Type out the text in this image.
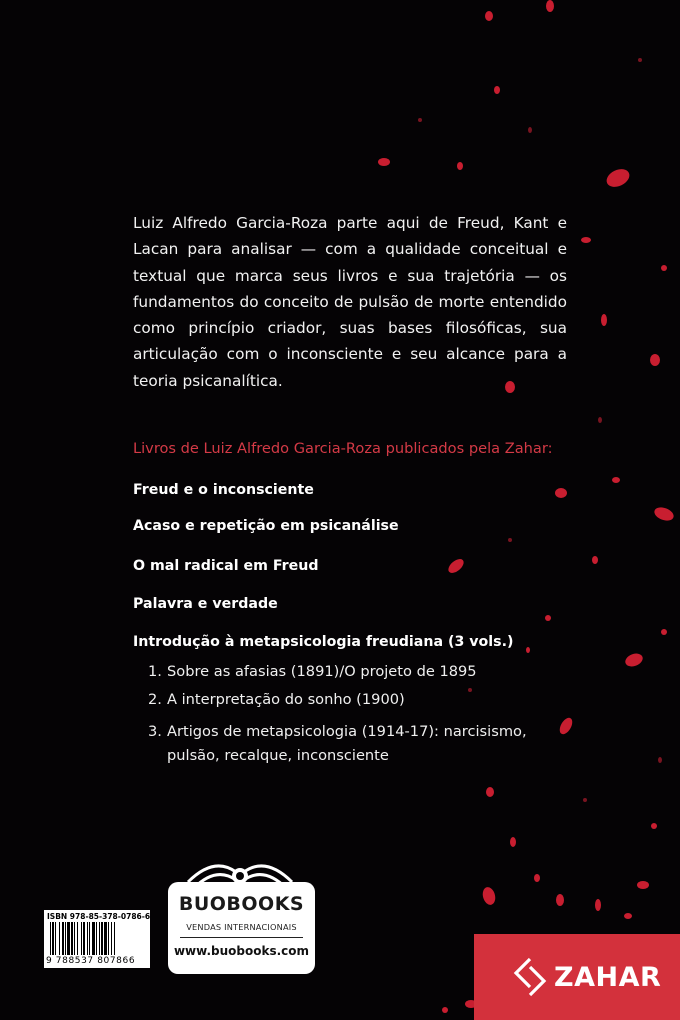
Luiz Alfredo Garcia-Roza parte aqui de Freud, Kant e Lacan para analisar — com a qualidade conceitual e textual que marca seus livros e sua trajetória — os fundamentos do conceito de pulsão de morte entendido como princípio criador, suas bases filosóficas, sua articulação com o inconsciente e seu alcance para a teoria psicanalítica.

Livros de Luiz Alfredo Garcia-Roza publicados pela Zahar:

Freud e o inconsciente

Acaso e repetição em psicanálise

O mal radical em Freud

Palavra e verdade

Introdução à metapsicologia freudiana (3 vols.)

1. Sobre as afasias (1891)/O projeto de 1895
2. A interpretação do sonho (1900)
3. Artigos de metapsicologia (1914-17): narcisismo, pulsão, recalque, inconsciente
ISBN 978-85-378-0786-6
9 788537 807866
BUOBOOKS
VENDAS INTERNACIONAIS
www.buobooks.com
ZAHAR
